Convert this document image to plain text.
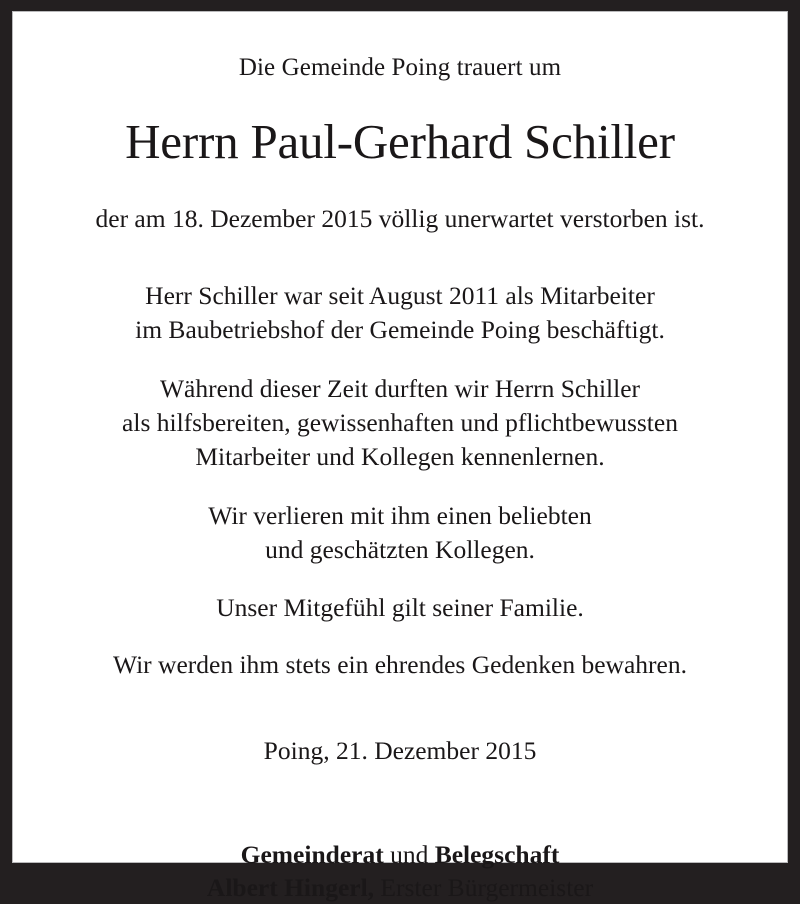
Die Gemeinde Poing trauert um

Herrn Paul-Gerhard Schiller

der am 18. Dezember 2015 völlig unerwartet verstorben ist.

Herr Schiller war seit August 2011 als Mitarbeiter
im Baubetriebshof der Gemeinde Poing beschäftigt.

Während dieser Zeit durften wir Herrn Schiller
als hilfsbereiten, gewissenhaften und pflichtbewussten
Mitarbeiter und Kollegen kennenlernen.

Wir verlieren mit ihm einen beliebten
und geschätzten Kollegen.

Unser Mitgefühl gilt seiner Familie.

Wir werden ihm stets ein ehrendes Gedenken bewahren.

Poing, 21. Dezember 2015

Gemeinderat und Belegschaft
Albert Hingerl, Erster Bürgermeister
